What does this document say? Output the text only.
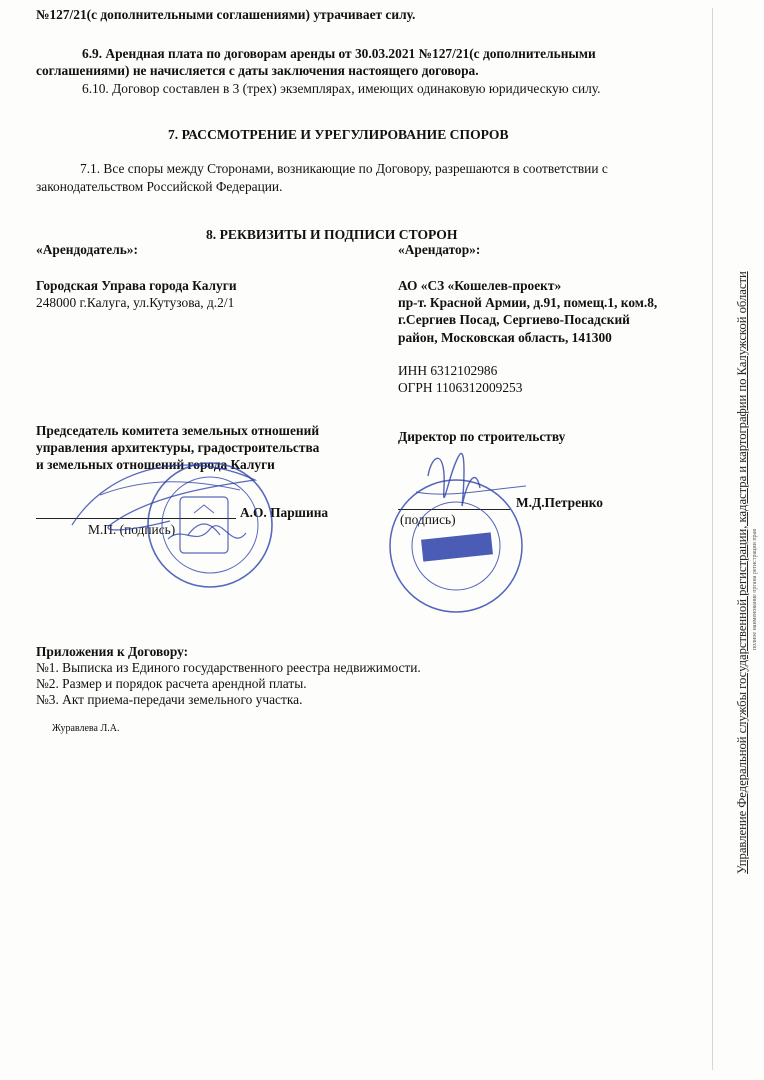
№127/21(с дополнительными соглашениями) утрачивает силу.
6.9. Арендная плата по договорам аренды от 30.03.2021 №127/21(с дополнительными
соглашениями) не начисляется с даты заключения настоящего договора.
6.10. Договор составлен в 3 (трех) экземплярах, имеющих одинаковую юридическую силу.
7. РАССМОТРЕНИЕ И УРЕГУЛИРОВАНИЕ СПОРОВ
7.1. Все споры между Сторонами, возникающие по Договору, разрешаются в соответствии с
законодательством Российской Федерации.
8. РЕКВИЗИТЫ И ПОДПИСИ СТОРОН
«Арендодатель»:
Городская Управа города Калуги
248000 г.Калуга, ул.Кутузова, д.2/1
Председатель комитета земельных отношений
управления архитектуры, градостроительства
и земельных отношений города Калуги
А.О. Паршина
М.П. (подпись)
«Арендатор»:
АО «СЗ «Кошелев-проект»
пр-т. Красной Армии, д.91, помещ.1, ком.8,
г.Сергиев Посад, Сергиево-Посадский
район, Московская область, 141300
ИНН 6312102986
ОГРН 1106312009253
Директор по строительству
М.Д.Петренко
(подпись)
Приложения к Договору:
№1. Выписка из Единого государственного реестра недвижимости.
№2. Размер и порядок расчета арендной платы.
№3. Акт приема-передачи земельного участка.
Журавлева Л.А.	Управление Федеральной службы государственной регистрации, кадастра и картографии по Калужской области полное наименование органа регистрации прав
